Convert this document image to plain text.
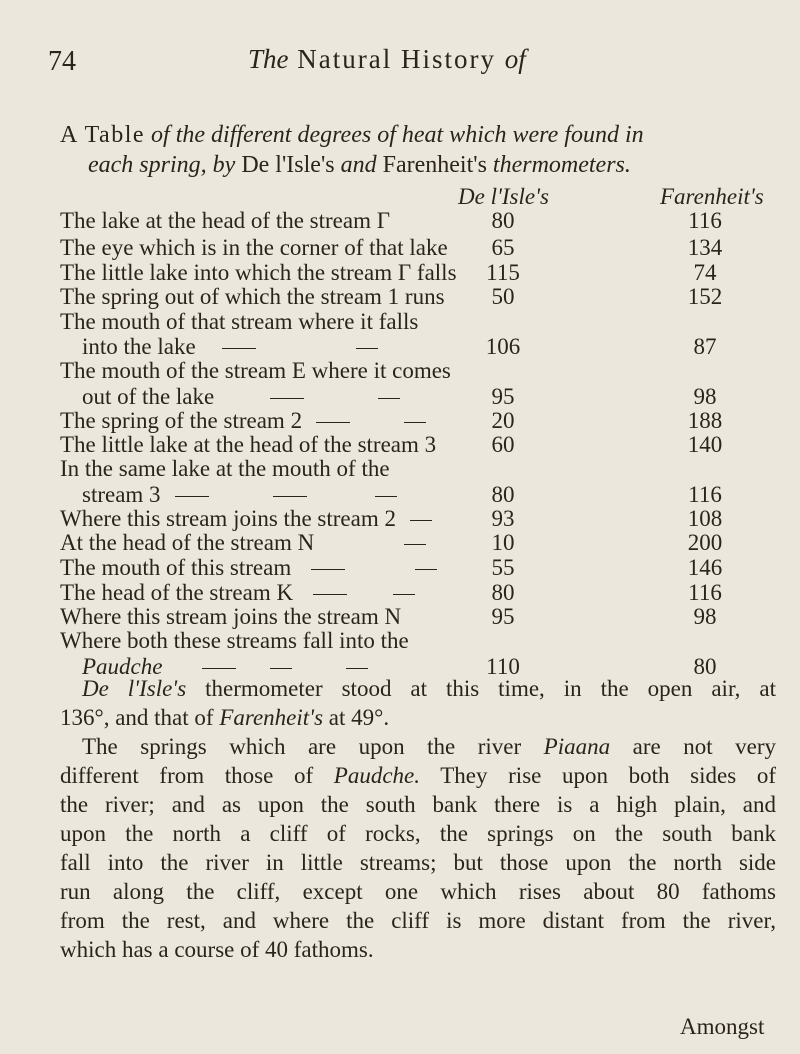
74	The Natural History of
A Table of the different degrees of heat which were found in
each spring, by De l'Isle's and Farenheit's thermometers.
De l'Isle's	Farenheit's
The lake at the head of the stream Γ	80	116
The eye which is in the corner of that lake	65	134
The little lake into which the stream Γ falls	115	74
The spring out of which the stream 1 runs	50	152
The mouth of that stream where it falls
into the lake	106	87
The mouth of the stream E where it comes
out of the lake	95	98
The spring of the stream 2	20	188
The little lake at the head of the stream 3	60	140
In the same lake at the mouth of the
stream 3	80	116
Where this stream joins the stream 2	93	108
At the head of the stream N	10	200
The mouth of this stream	55	146
The head of the stream K	80	116
Where this stream joins the stream N	95	98
Where both these streams fall into the
Paudche	110	80
De l'Isle's thermometer stood at this time, in the open air, at
136°, and that of Farenheit's at 49°.
The springs which are upon the river Piaana are not very
different from those of Paudche. They rise upon both sides of
the river; and as upon the south bank there is a high plain, and
upon the north a cliff of rocks, the springs on the south bank
fall into the river in little streams; but those upon the north side
run along the cliff, except one which rises about 80 fathoms
from the rest, and where the cliff is more distant from the river,
which has a course of 40 fathoms.
Amongst
